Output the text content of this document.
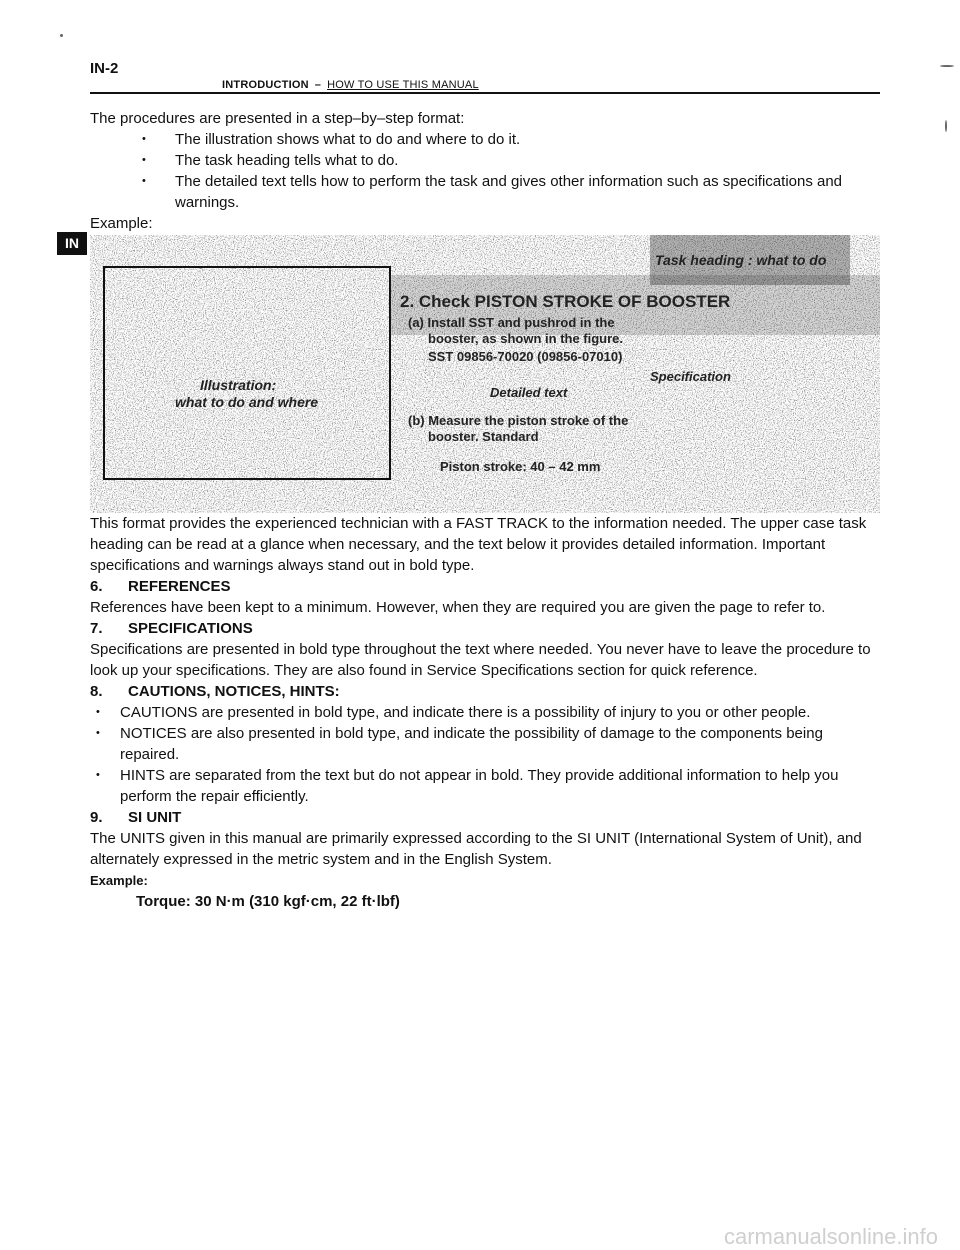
IN-2
INTRODUCTION – HOW TO USE THIS MANUAL
IN

The procedures are presented in a step–by–step format:

• The illustration shows what to do and where to do it.
• The task heading tells what to do.
• The detailed text tells how to perform the task and gives other information such as specifications and warnings.

Example:

Illustration:
what to do and where
Task heading : what to do
2. Check PISTON STROKE OF BOOSTER
(a) Install SST and pushrod in the
booster, as shown in the figure.
SST 09856-70020 (09856-07010)
Specification
Detailed text
(b) Measure the piston stroke of the
booster. Standard
Piston stroke: 40 – 42 mm

This format provides the experienced technician with a FAST TRACK to the information needed. The upper case task heading can be read at a glance when necessary, and the text below it provides detailed information. Important specifications and warnings always stand out in bold type.

6. REFERENCES

References have been kept to a minimum. However, when they are required you are given the page to refer to.

7. SPECIFICATIONS

Specifications are presented in bold type throughout the text where needed. You never have to leave the procedure to look up your specifications. They are also found in Service Specifications section for quick reference.

8. CAUTIONS, NOTICES, HINTS:

• CAUTIONS are presented in bold type, and indicate there is a possibility of injury to you or other people.
• NOTICES are also presented in bold type, and indicate the possibility of damage to the components being repaired.
• HINTS are separated from the text but do not appear in bold. They provide additional information to help you perform the repair efficiently.

9. SI UNIT

The UNITS given in this manual are primarily expressed according to the SI UNIT (International System of Unit), and alternately expressed in the metric system and in the English System.

Example:

Torque: 30 N·m (310 kgf·cm, 22 ft·lbf)

carmanualsonline.info
